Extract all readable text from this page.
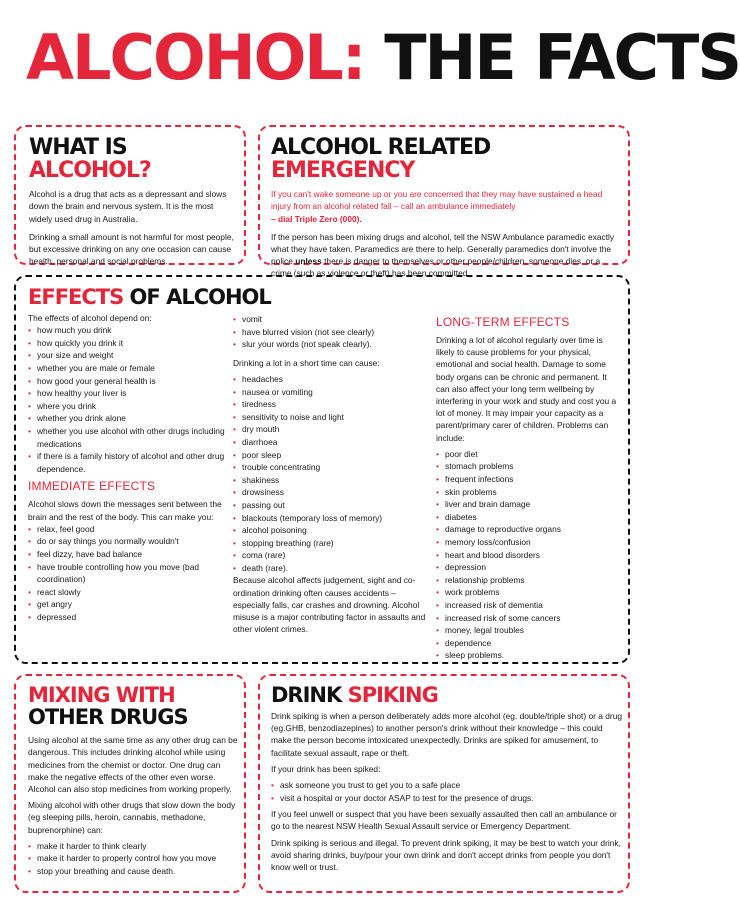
ALCOHOL: THE FACTS
WHAT IS ALCOHOL?

Alcohol is a drug that acts as a depressant and slows down the brain and nervous system. It is the most widely used drug in Australia.

Drinking a small amount is not harmful for most people, but excessive drinking on any one occasion can cause health, personal and social problems.

ALCOHOL RELATED EMERGENCY

If you can't wake someone up or you are concerned that they may have sustained a head injury from an alcohol related fall – call an ambulance immediately
– dial Triple Zero (000).

If the person has been mixing drugs and alcohol, tell the NSW Ambulance paramedic exactly what they have taken. Paramedics are there to help. Generally paramedics don't involve the police unless there is danger to themselves or other people/children, someone dies, or a crime (such as violence or theft) has been committed.

EFFECTS OF ALCOHOL

The effects of alcohol depend on:

• how much you drink
• how quickly you drink it
• your size and weight
• whether you are male or female
• how good your general health is
• how healthy your liver is
• where you drink
• whether you drink alone
• whether you use alcohol with other drugs including medications
• if there is a family history of alcohol and other drug dependence.
IMMEDIATE EFFECTS

Alcohol slows down the messages sent between the brain and the rest of the body. This can make you:

• relax, feel good
• do or say things you normally wouldn't
• feel dizzy, have bad balance
• have trouble controlling how you move (bad coordination)
• react slowly
• get angry
• depressed
• vomit
• have blurred vision (not see clearly)
• slur your words (not speak clearly).

Drinking a lot in a short time can cause:

• headaches
• nausea or vomiting
• tiredness
• sensitivity to noise and light
• dry mouth
• diarrhoea
• poor sleep
• trouble concentrating
• shakiness
• drowsiness
• passing out
• blackouts (temporary loss of memory)
• alcohol poisoning
• stopping breathing (rare)
• coma (rare)
• death (rare).

Because alcohol affects judgement, sight and co-ordination drinking often causes accidents – especially falls, car crashes and drowning. Alcohol misuse is a major contributing factor in assaults and other violent crimes.

LONG-TERM EFFECTS

Drinking a lot of alcohol regularly over time is likely to cause problems for your physical, emotional and social health. Damage to some body organs can be chronic and permanent. It can also affect your long term wellbeing by interfering in your work and study and cost you a lot of money. It may impair your capacity as a parent/primary carer of children. Problems can include:

• poor diet
• stomach problems
• frequent infections
• skin problems
• liver and brain damage
• diabetes
• damage to reproductive organs
• memory loss/confusion
• heart and blood disorders
• depression
• relationship problems
• work problems
• increased risk of dementia
• increased risk of some cancers
• money, legal troubles
• dependence
• sleep problems.
MIXING WITH
OTHER DRUGS

Using alcohol at the same time as any other drug can be dangerous. This includes drinking alcohol while using medicines from the chemist or doctor. One drug can make the negative effects of the other even worse. Alcohol can also stop medicines from working properly.

Mixing alcohol with other drugs that slow down the body (eg sleeping pills, heroin, cannabis, methadone, buprenorphine) can:

• make it harder to think clearly
• make it harder to properly control how you move
• stop your breathing and cause death.
DRINK SPIKING

Drink spiking is when a person deliberately adds more alcohol (eg. double/triple shot) or a drug (eg.GHB, benzodiazepines) to another person's drink without their knowledge – this could make the person become intoxicated unexpectedly. Drinks are spiked for amusement, to facilitate sexual assault, rape or theft.

If your drink has been spiked:

• ask someone you trust to get you to a safe place
• visit a hospital or your doctor ASAP to test for the presence of drugs.

If you feel unwell or suspect that you have been sexually assaulted then call an ambulance or go to the nearest NSW Health Sexual Assault service or Emergency Department.

Drink spiking is serious and illegal. To prevent drink spiking, it may be best to watch your drink, avoid sharing drinks, buy/pour your own drink and don't accept drinks from people you don't know well or trust.
